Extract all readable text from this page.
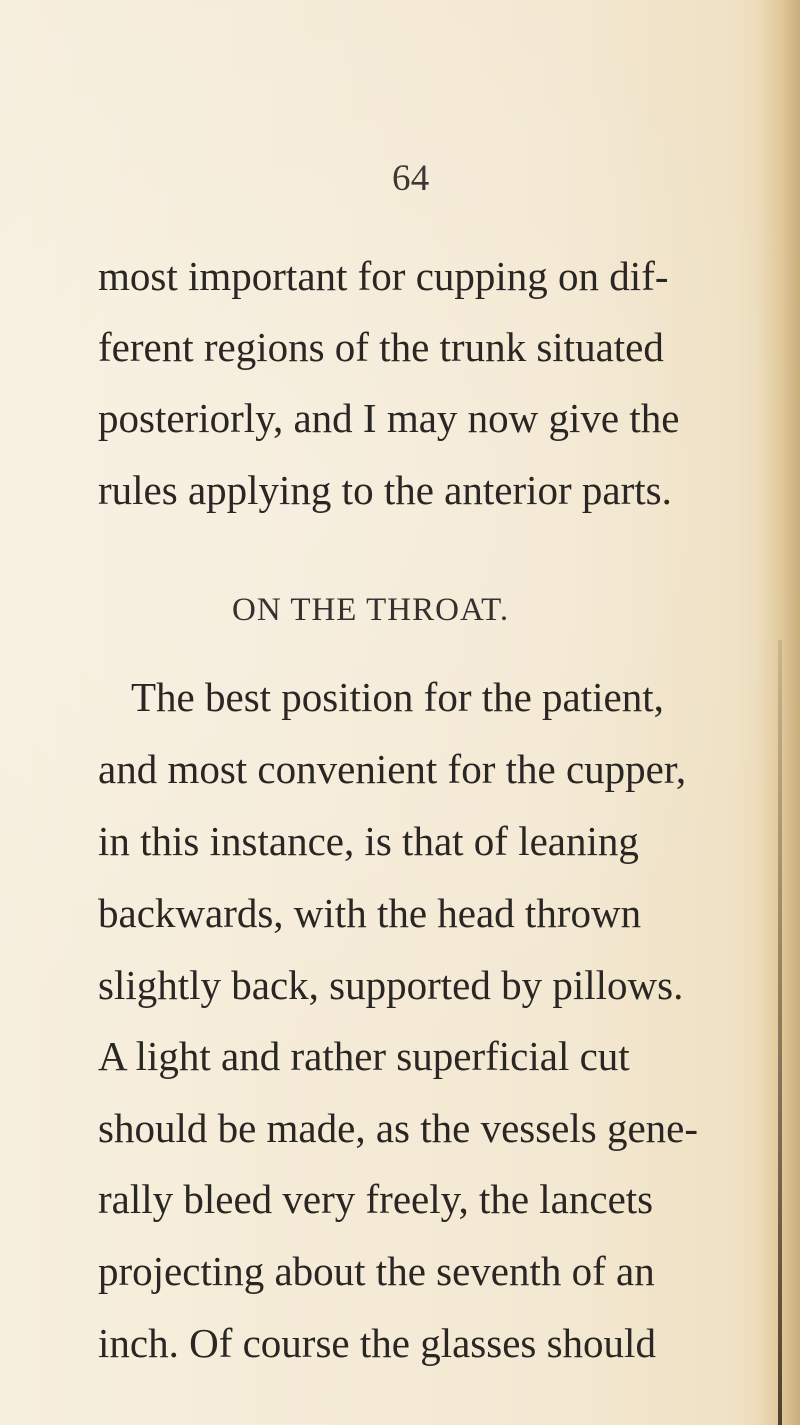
64
most important for cupping on dif-
ferent regions of the trunk situated
posteriorly, and I may now give the
rules applying to the anterior parts.
ON THE THROAT.
The best position for the patient,
and most convenient for the cupper,
in this instance, is that of leaning
backwards, with the head thrown
slightly back, supported by pillows.
A light and rather superficial cut
should be made, as the vessels gene-
rally bleed very freely, the lancets
projecting about the seventh of an
inch. Of course the glasses should
